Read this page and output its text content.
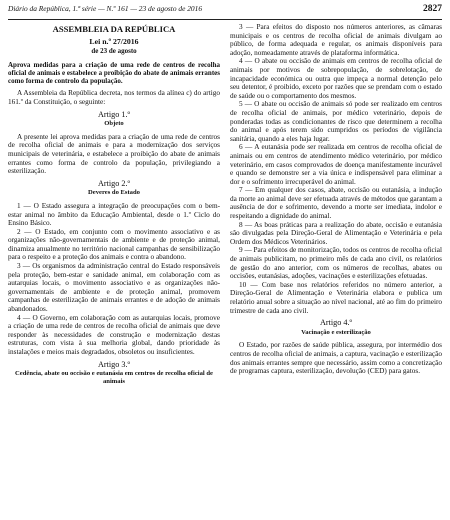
Diário da República, 1.ª série — N.º 161 — 23 de agosto de 2016	2827

ASSEMBLEIA DA REPÚBLICA

Lei n.º 27/2016

de 23 de agosto

Aprova medidas para a criação de uma rede de centros de recolha oficial de animais e estabelece a proibição do abate de animais errantes como forma de controlo da população.

A Assembleia da República decreta, nos termos da alínea c) do artigo 161.º da Constituição, o seguinte:

Artigo 1.º

Objeto

A presente lei aprova medidas para a criação de uma rede de centros de recolha oficial de animais e para a modernização dos serviços municipais de veterinária, e estabelece a proibição do abate de animais errantes como forma de controlo da população, privilegiando a esterilização.

Artigo 2.º

Deveres do Estado

1 — O Estado assegura a integração de preocupações com o bem-estar animal no âmbito da Educação Ambiental, desde o 1.º Ciclo do Ensino Básico.

2 — O Estado, em conjunto com o movimento associativo e as organizações não-governamentais de ambiente e de proteção animal, dinamiza anualmente no território nacional campanhas de sensibilização para o respeito e a proteção dos animais e contra o abandono.

3 — Os organismos da administração central do Estado responsáveis pela proteção, bem-estar e sanidade animal, em colaboração com as autarquias locais, o movimento associativo e as organizações não-governamentais de ambiente e de proteção animal, promovem campanhas de esterilização de animais errantes e de adoção de animais abandonados.

4 — O Governo, em colaboração com as autarquias locais, promove a criação de uma rede de centros de recolha oficial de animais que deve responder às necessidades de construção e modernização destas estruturas, com vista à sua melhoria global, dando prioridade às instalações e meios mais degradados, obsoletos ou insuficientes.

Artigo 3.º

Cedência, abate ou occisão e eutanásia em centros de recolha oficial de animais

3 — Para efeitos do disposto nos números anteriores, as câmaras municipais e os centros de recolha oficial de animais divulgam ao público, de forma adequada e regular, os animais disponíveis para adoção, nomeadamente através de plataforma informática.

4 — O abate ou occisão de animais em centros de recolha oficial de animais por motivos de sobrepopulação, de sobrelotação, de incapacidade económica ou outra que impeça a normal detenção pelo seu detentor, é proibido, exceto por razões que se prendam com o estado de saúde ou o comportamento dos mesmos.

5 — O abate ou occisão de animais só pode ser realizado em centros de recolha oficial de animais, por médico veterinário, depois de ponderadas todas as condicionantes de risco que determinem a recolha do animal e após terem sido cumpridos os períodos de vigilância sanitária, quando a eles haja lugar.

6 — A eutanásia pode ser realizada em centros de recolha oficial de animais ou em centros de atendimento médico veterinário, por médico veterinário, em casos comprovados de doença manifestamente incurável e quando se demonstre ser a via única e indispensável para eliminar a dor e o sofrimento irrecuperável do animal.

7 — Em qualquer dos casos, abate, occisão ou eutanásia, a indução da morte ao animal deve ser efetuada através de métodos que garantam a ausência de dor e sofrimento, devendo a morte ser imediata, indolor e respeitando a dignidade do animal.

8 — As boas práticas para a realização do abate, occisão e eutanásia são divulgadas pela Direção-Geral de Alimentação e Veterinária e pela Ordem dos Médicos Veterinários.

9 — Para efeitos de monitorização, todos os centros de recolha oficial de animais publicitam, no primeiro mês de cada ano civil, os relatórios de gestão do ano anterior, com os números de recolhas, abates ou occisões, eutanásias, adoções, vacinações e esterilizações efetuadas.

10 — Com base nos relatórios referidos no número anterior, a Direção-Geral de Alimentação e Veterinária elabora e publica um relatório anual sobre a situação ao nível nacional, até ao fim do primeiro trimestre de cada ano civil.

Artigo 4.º

Vacinação e esterilização

O Estado, por razões de saúde pública, assegura, por intermédio dos centros de recolha oficial de animais, a captura, vacinação e esterilização dos animais errantes sempre que necessário, assim como a concretização de programas captura, esterilização, devolução (CED) para gatos.
